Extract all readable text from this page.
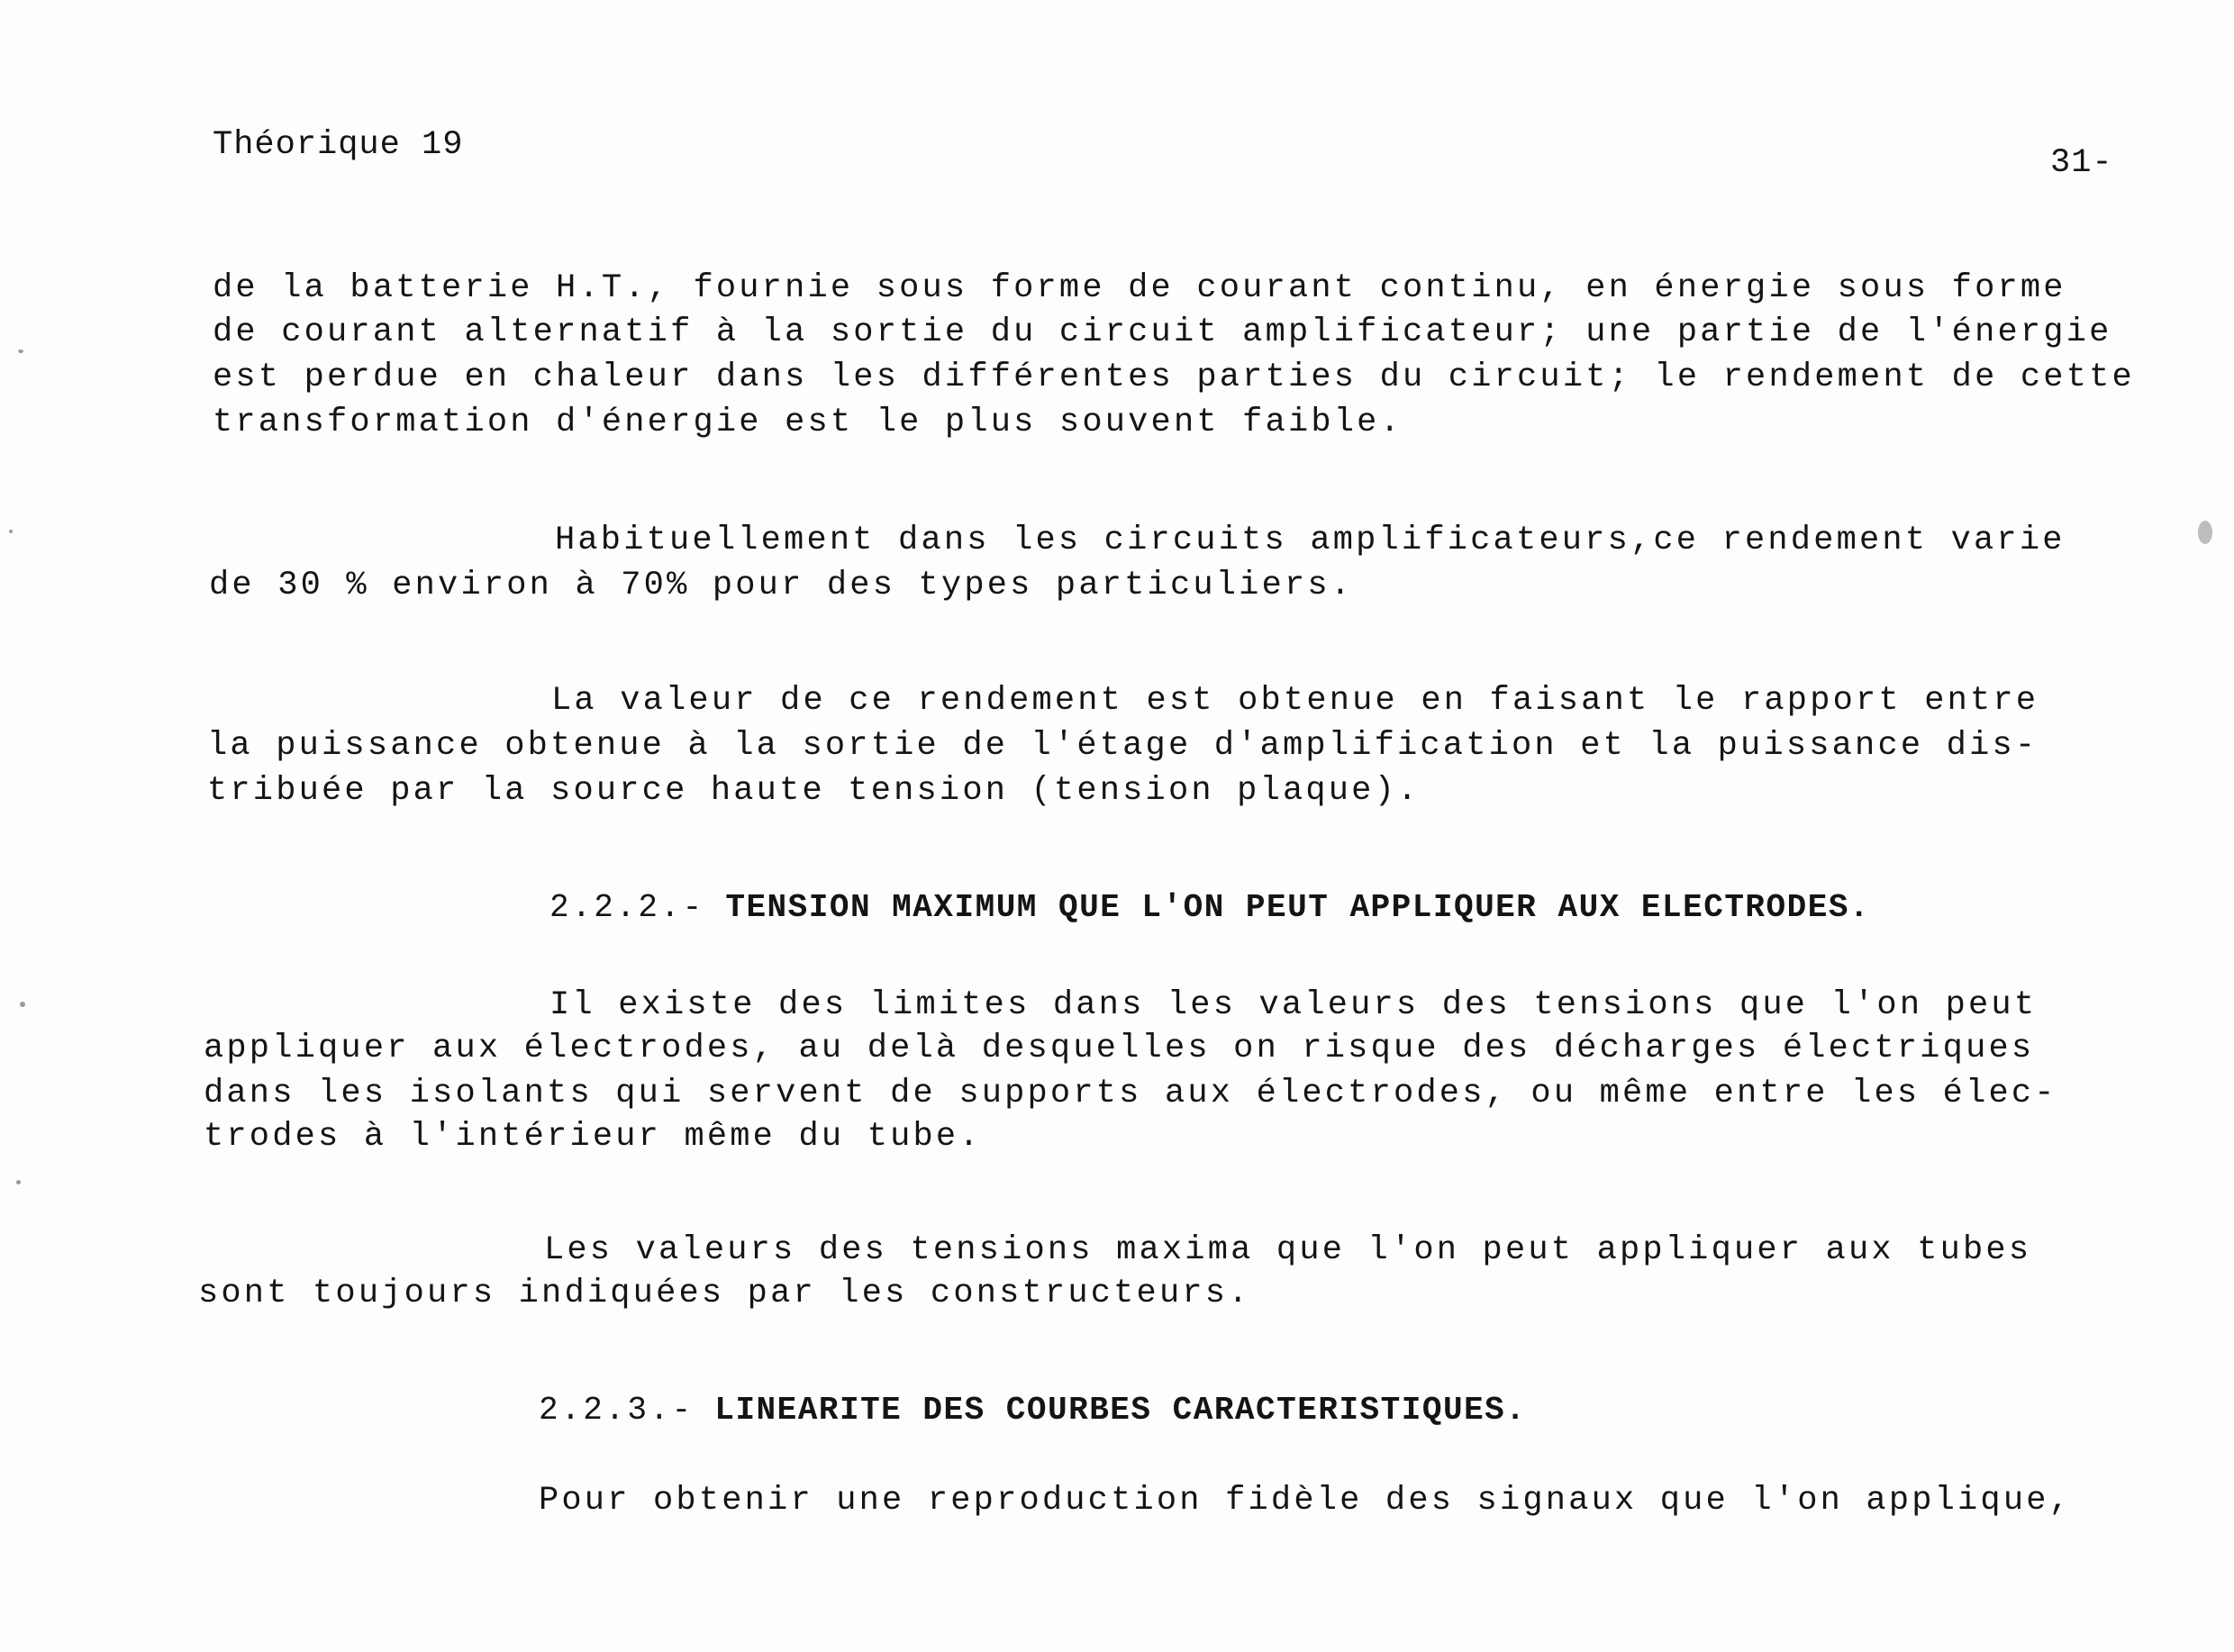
Théorique 19	31-
de la batterie H.T., fournie sous forme de courant continu, en énergie sous forme
de courant alternatif à la sortie du circuit amplificateur; une partie de l'énergie
est perdue en chaleur dans les différentes parties du circuit; le rendement de cette
transformation d'énergie est le plus souvent faible.
Habituellement dans les circuits amplificateurs,ce rendement varie
de 30 % environ à 70% pour des types particuliers.
La valeur de ce rendement est obtenue en faisant le rapport entre
la puissance obtenue à la sortie de l'étage d'amplification et la puissance dis-
tribuée par la source haute tension (tension plaque).
2.2.2.- TENSION MAXIMUM QUE L'ON PEUT APPLIQUER AUX ELECTRODES.
Il existe des limites dans les valeurs des tensions que l'on peut
appliquer aux électrodes, au delà desquelles on risque des décharges électriques
dans les isolants qui servent de supports aux électrodes, ou même entre les élec-
trodes à l'intérieur même du tube.
Les valeurs des tensions maxima que l'on peut appliquer aux tubes
sont toujours indiquées par les constructeurs.
2.2.3.- LINEARITE DES COURBES CARACTERISTIQUES.
Pour obtenir une reproduction fidèle des signaux que l'on applique,
